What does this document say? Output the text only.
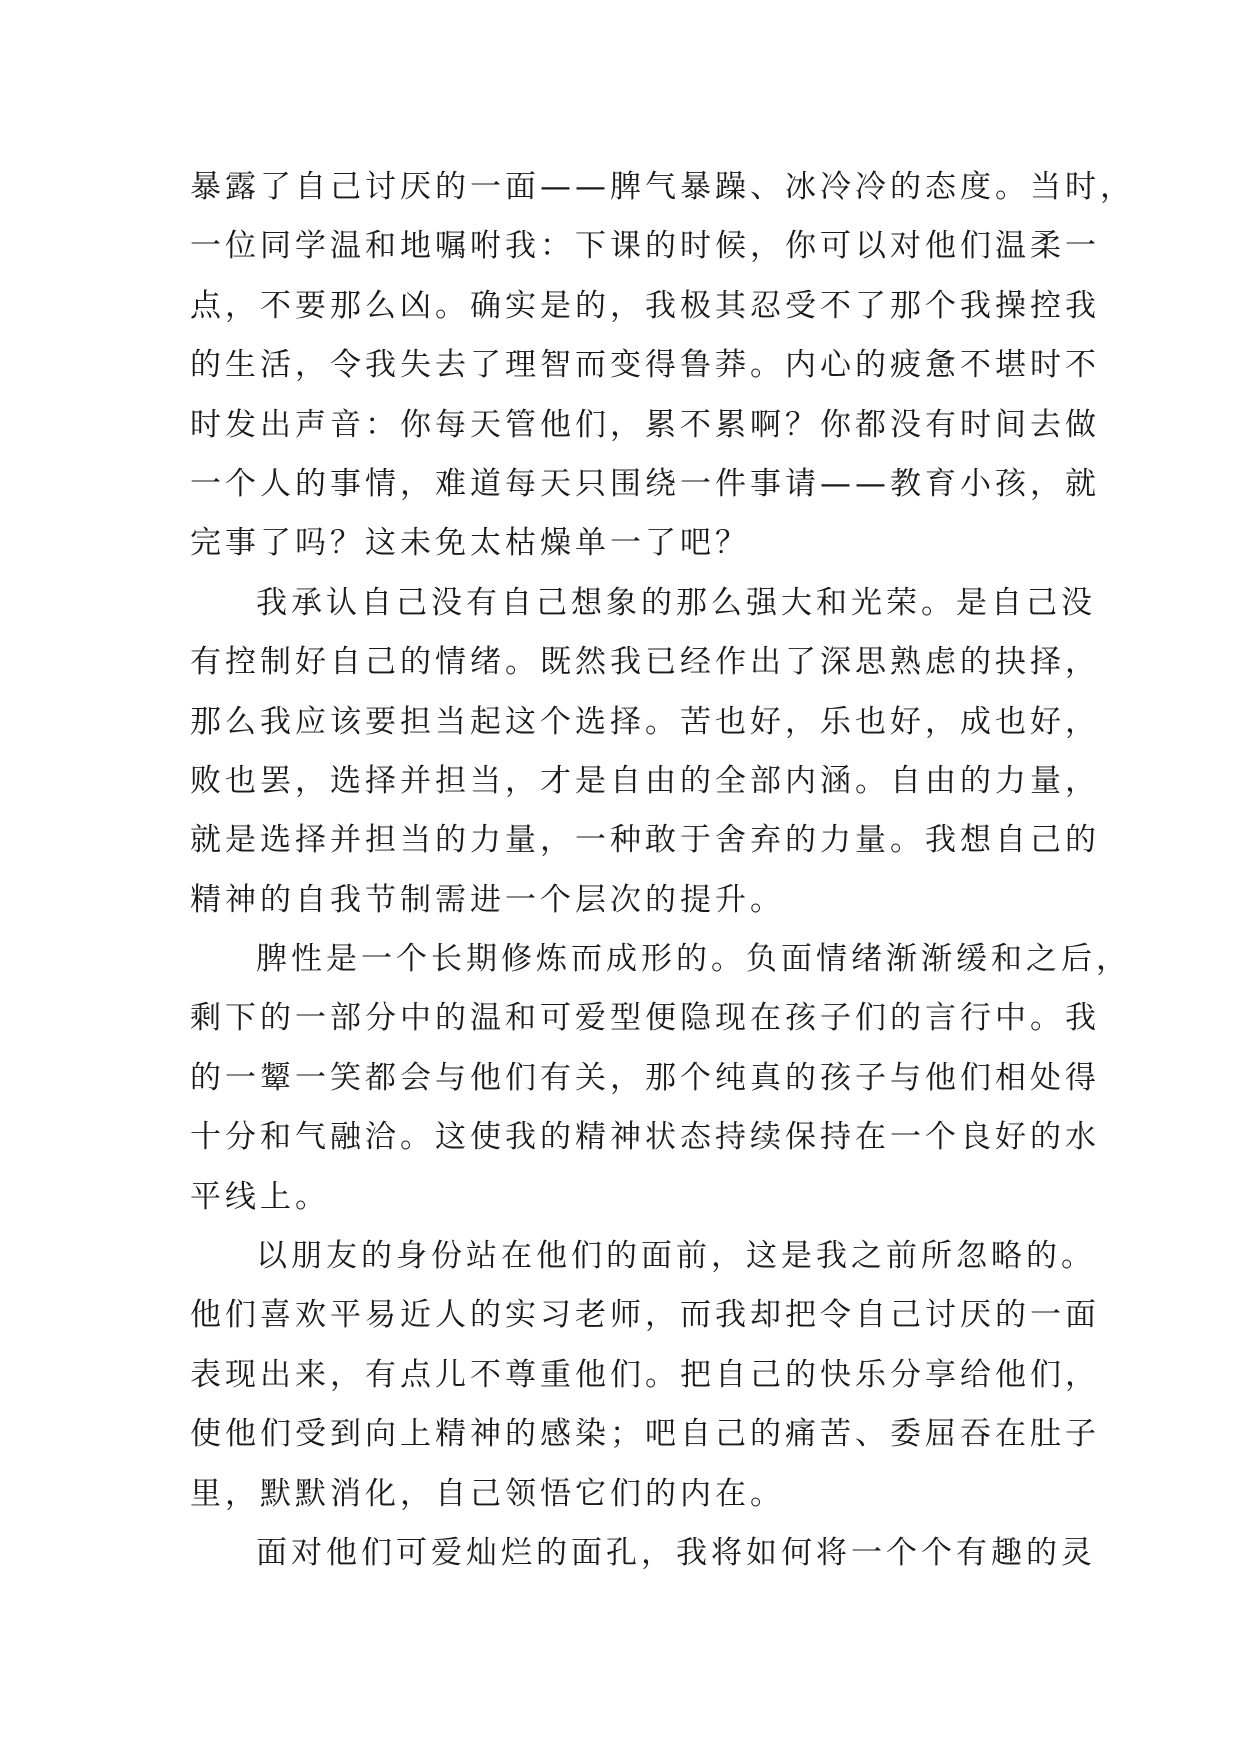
暴露了自己讨厌的一面——脾气暴躁、冰冷冷的态度。当时，
一位同学温和地嘱咐我：下课的时候，你可以对他们温柔一
点，不要那么凶。确实是的，我极其忍受不了那个我操控我
的生活，令我失去了理智而变得鲁莽。内心的疲惫不堪时不
时发出声音：你每天管他们，累不累啊？你都没有时间去做
一个人的事情，难道每天只围绕一件事请——教育小孩，就
完事了吗？这未免太枯燥单一了吧？

我承认自己没有自己想象的那么强大和光荣。是自己没
有控制好自己的情绪。既然我已经作出了深思熟虑的抉择，
那么我应该要担当起这个选择。苦也好，乐也好，成也好，
败也罢，选择并担当，才是自由的全部内涵。自由的力量，
就是选择并担当的力量，一种敢于舍弃的力量。我想自己的
精神的自我节制需进一个层次的提升。

脾性是一个长期修炼而成形的。负面情绪渐渐缓和之后，
剩下的一部分中的温和可爱型便隐现在孩子们的言行中。我
的一颦一笑都会与他们有关，那个纯真的孩子与他们相处得
十分和气融洽。这使我的精神状态持续保持在一个良好的水
平线上。

以朋友的身份站在他们的面前，这是我之前所忽略的。
他们喜欢平易近人的实习老师，而我却把令自己讨厌的一面
表现出来，有点儿不尊重他们。把自己的快乐分享给他们，
使他们受到向上精神的感染；吧自己的痛苦、委屈吞在肚子
里，默默消化，自己领悟它们的内在。

面对他们可爱灿烂的面孔，我将如何将一个个有趣的灵
